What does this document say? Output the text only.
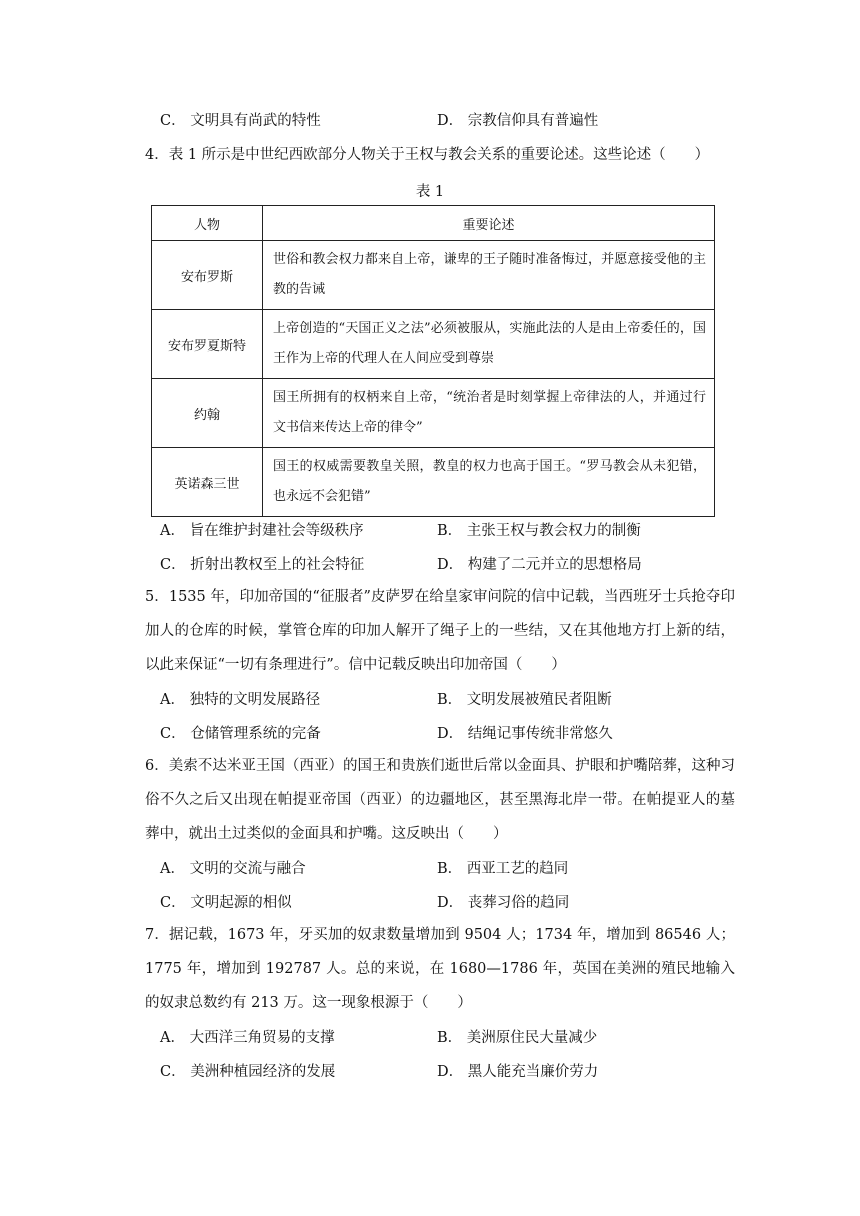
C． 文明具有尚武的特性	D． 宗教信仰具有普遍性
4．表 1 所示是中世纪西欧部分人物关于王权与教会关系的重要论述。这些论述（　　）
表 1
人物	重要论述
安布罗斯	世俗和教会权力都来自上帝，谦卑的王子随时准备悔过，并愿意接受他的主教的告诫
安布罗夏斯特	上帝创造的“天国正义之法”必须被服从，实施此法的人是由上帝委任的，国王作为上帝的代理人在人间应受到尊崇
约翰	国王所拥有的权柄来自上帝，“统治者是时刻掌握上帝律法的人，并通过行文书信来传达上帝的律令”
英诺森三世	国王的权威需要教皇关照，教皇的权力也高于国王。“罗马教会从未犯错，也永远不会犯错”
A． 旨在维护封建社会等级秩序	B． 主张王权与教会权力的制衡
C． 折射出教权至上的社会特征	D． 构建了二元并立的思想格局
5．1535 年，印加帝国的“征服者”皮萨罗在给皇家审问院的信中记载，当西班牙士兵抢夺印加人的仓库的时候，掌管仓库的印加人解开了绳子上的一些结，又在其他地方打上新的结，以此来保证“一切有条理进行”。信中记载反映出印加帝国（　　）
A． 独特的文明发展路径	B． 文明发展被殖民者阻断
C． 仓储管理系统的完备	D． 结绳记事传统非常悠久
6．美索不达米亚王国（西亚）的国王和贵族们逝世后常以金面具、护眼和护嘴陪葬，这种习俗不久之后又出现在帕提亚帝国（西亚）的边疆地区，甚至黑海北岸一带。在帕提亚人的墓葬中，就出土过类似的金面具和护嘴。这反映出（　　）
A． 文明的交流与融合	B． 西亚工艺的趋同
C． 文明起源的相似	D． 丧葬习俗的趋同
7．据记载，1673 年，牙买加的奴隶数量增加到 9504 人；1734 年，增加到 86546 人；1775 年，增加到 192787 人。总的来说，在 1680—1786 年，英国在美洲的殖民地输入的奴隶总数约有 213 万。这一现象根源于（　　）
A． 大西洋三角贸易的支撑	B． 美洲原住民大量减少
C． 美洲种植园经济的发展	D． 黑人能充当廉价劳力
